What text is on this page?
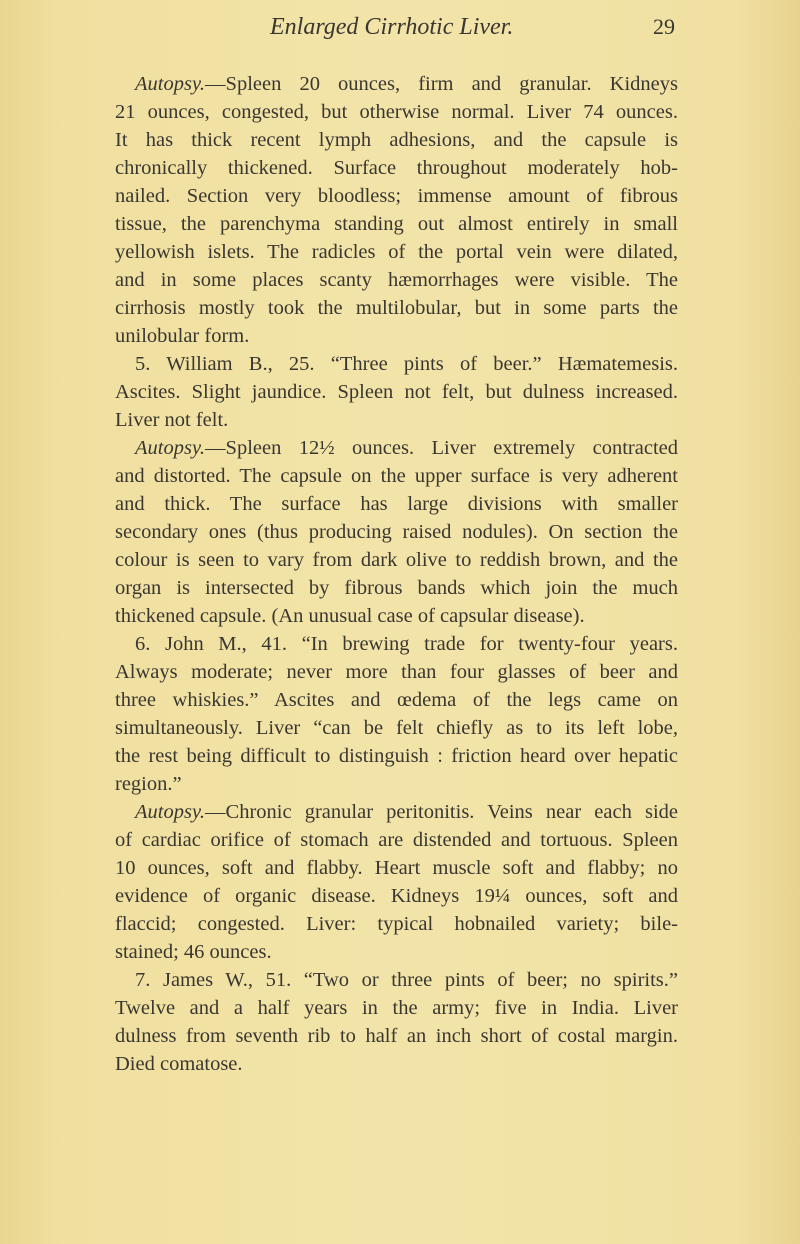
Enlarged Cirrhotic Liver.	29
Autopsy.—Spleen 20 ounces, firm and granular. Kidneys
21 ounces, congested, but otherwise normal. Liver 74 ounces.
It has thick recent lymph adhesions, and the capsule is
chronically thickened. Surface throughout moderately hob-
nailed. Section very bloodless; immense amount of fibrous
tissue, the parenchyma standing out almost entirely in small
yellowish islets. The radicles of the portal vein were dilated,
and in some places scanty hæmorrhages were visible. The
cirrhosis mostly took the multilobular, but in some parts the
unilobular form.
5. William B., 25. “Three pints of beer.” Hæmatemesis.
Ascites. Slight jaundice. Spleen not felt, but dulness increased.
Liver not felt.
Autopsy.—Spleen 12½ ounces. Liver extremely contracted
and distorted. The capsule on the upper surface is very adherent
and thick. The surface has large divisions with smaller
secondary ones (thus producing raised nodules). On section the
colour is seen to vary from dark olive to reddish brown, and the
organ is intersected by fibrous bands which join the much
thickened capsule. (An unusual case of capsular disease).
6. John M., 41. “In brewing trade for twenty-four years.
Always moderate; never more than four glasses of beer and
three whiskies.” Ascites and œdema of the legs came on
simultaneously. Liver “can be felt chiefly as to its left lobe,
the rest being difficult to distinguish : friction heard over hepatic
region.”
Autopsy.—Chronic granular peritonitis. Veins near each side
of cardiac orifice of stomach are distended and tortuous. Spleen
10 ounces, soft and flabby. Heart muscle soft and flabby; no
evidence of organic disease. Kidneys 19¼ ounces, soft and
flaccid; congested. Liver: typical hobnailed variety; bile-
stained; 46 ounces.
7. James W., 51. “Two or three pints of beer; no spirits.”
Twelve and a half years in the army; five in India. Liver
dulness from seventh rib to half an inch short of costal margin.
Died comatose.
